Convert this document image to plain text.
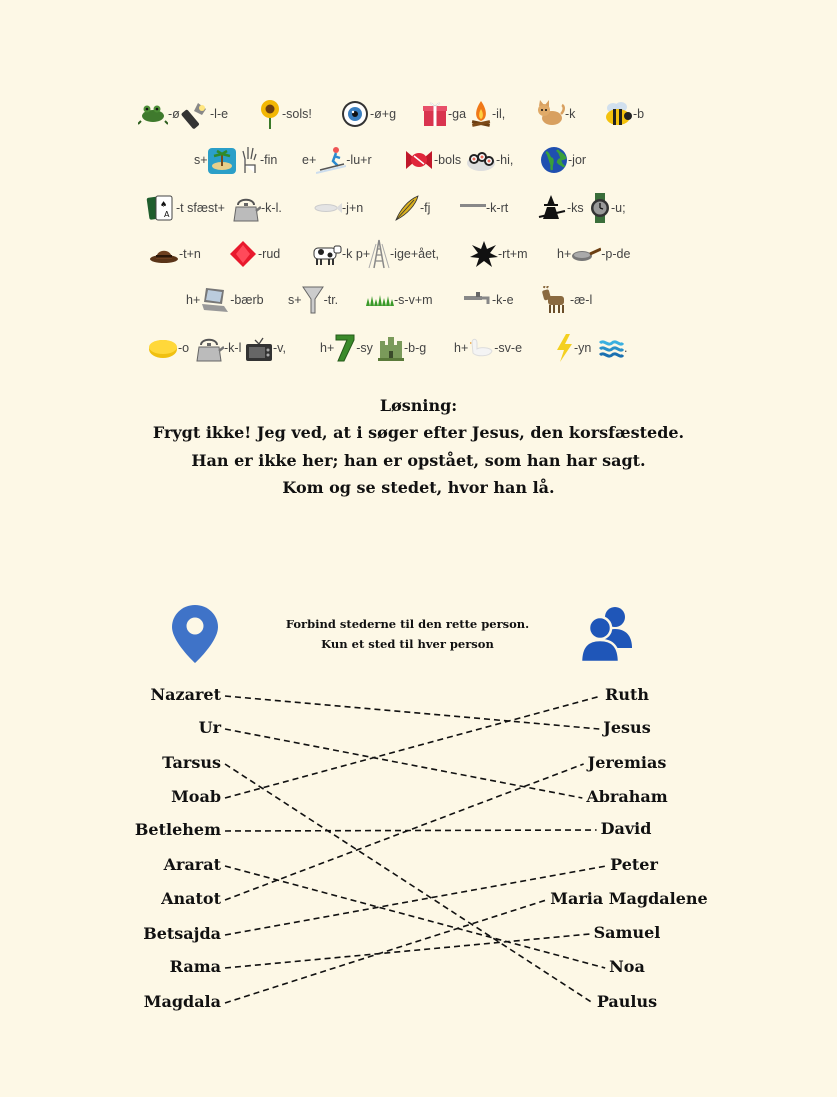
-ø -l-e	-sols!	-ø+g	-ga -il,	-k	-b
s+	-fin e+ -lu+r	-bols	-hi,	-jor
♠
A -t sfæst+	-k-l.	-j+n	-fj	-k-rt	-ks -u;
-t+n	-rud	-k p+ -ige+ået,	-rt+m h+ -p-de
h+ -bærb s+ -tr.	-s-v+m	-k-e	-æ-l
-o	-k-l	-v,	h+ -sy -b-g h+ -sv-e	-yn	.
Løsning:
Frygt ikke! Jeg ved, at i søger efter Jesus, den korsfæstede.
Han er ikke her; han er opstået, som han har sagt.
Kom og se stedet, hvor han lå.
Forbind stederne til den rette person.
Kun et sted til hver person
Nazaret
Ur
Tarsus
Moab
Betlehem
Ararat
Anatot
Betsajda
Rama
Magdala
Ruth
Jesus
Jeremias
Abraham
David
Peter
Maria Magdalene
Samuel
Noa
Paulus
